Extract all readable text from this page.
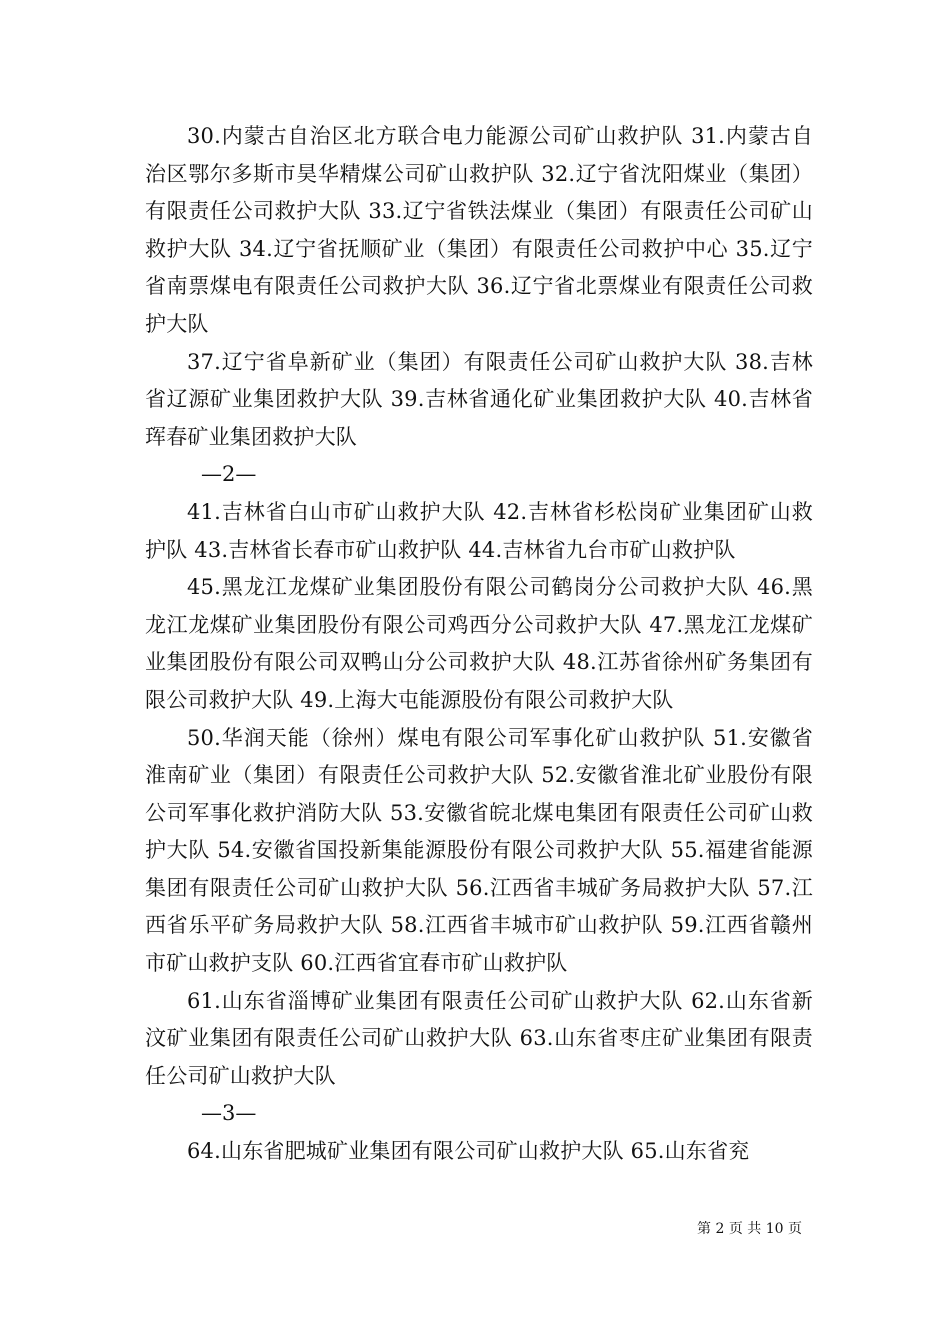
30.内蒙古自治区北方联合电力能源公司矿山救护队 31.内蒙古自治区鄂尔多斯市昊华精煤公司矿山救护队 32.辽宁省沈阳煤业（集团）有限责任公司救护大队 33.辽宁省铁法煤业（集团）有限责任公司矿山救护大队 34.辽宁省抚顺矿业（集团）有限责任公司救护中心 35.辽宁省南票煤电有限责任公司救护大队 36.辽宁省北票煤业有限责任公司救护大队

37.辽宁省阜新矿业（集团）有限责任公司矿山救护大队 38.吉林省辽源矿业集团救护大队 39.吉林省通化矿业集团救护大队 40.吉林省珲春矿业集团救护大队

—2—

41.吉林省白山市矿山救护大队 42.吉林省杉松岗矿业集团矿山救护队 43.吉林省长春市矿山救护队 44.吉林省九台市矿山救护队

45.黑龙江龙煤矿业集团股份有限公司鹤岗分公司救护大队 46.黑龙江龙煤矿业集团股份有限公司鸡西分公司救护大队 47.黑龙江龙煤矿业集团股份有限公司双鸭山分公司救护大队 48.江苏省徐州矿务集团有限公司救护大队 49.上海大屯能源股份有限公司救护大队

50.华润天能（徐州）煤电有限公司军事化矿山救护队 51.安徽省淮南矿业（集团）有限责任公司救护大队 52.安徽省淮北矿业股份有限公司军事化救护消防大队 53.安徽省皖北煤电集团有限责任公司矿山救护大队 54.安徽省国投新集能源股份有限公司救护大队 55.福建省能源集团有限责任公司矿山救护大队 56.江西省丰城矿务局救护大队 57.江西省乐平矿务局救护大队 58.江西省丰城市矿山救护队 59.江西省赣州市矿山救护支队 60.江西省宜春市矿山救护队

61.山东省淄博矿业集团有限责任公司矿山救护大队 62.山东省新汶矿业集团有限责任公司矿山救护大队 63.山东省枣庄矿业集团有限责任公司矿山救护大队

—3—

64.山东省肥城矿业集团有限公司矿山救护大队 65.山东省兖

第 2 页 共 10 页
